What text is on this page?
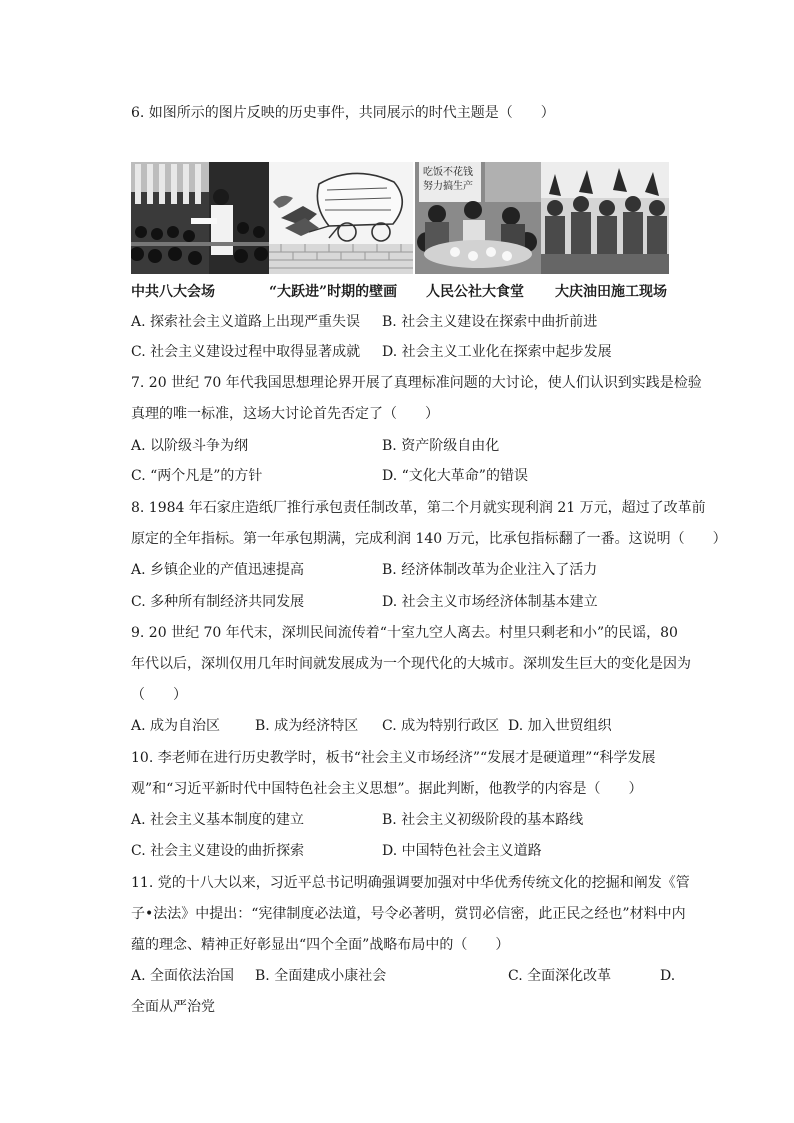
6. 如图所示的图片反映的历史事件，共同展示的时代主题是（　　）
吃饭不花钱
努力搞生产
中共八大会场	“大跃进”时期的壁画 人民公社大食堂 大庆油田施工现场
A. 探索社会主义道路上出现严重失误 B. 社会主义建设在探索中曲折前进
C. 社会主义建设过程中取得显著成就 D. 社会主义工业化在探索中起步发展
7. 20 世纪 70 年代我国思想理论界开展了真理标准问题的大讨论，使人们认识到实践是检验
真理的唯一标准，这场大讨论首先否定了（　　）
A. 以阶级斗争为纲	B. 资产阶级自由化
C. “两个凡是”的方针	D. “文化大革命”的错误
8. 1984 年石家庄造纸厂推行承包责任制改革，第二个月就实现利润 21 万元，超过了改革前
原定的全年指标。第一年承包期满，完成利润 140 万元，比承包指标翻了一番。这说明（　　）
A. 乡镇企业的产值迅速提高	B. 经济体制改革为企业注入了活力
C. 多种所有制经济共同发展	D. 社会主义市场经济体制基本建立
9. 20 世纪 70 年代末，深圳民间流传着“十室九空人离去。村里只剩老和小”的民谣，80
年代以后，深圳仅用几年时间就发展成为一个现代化的大城市。深圳发生巨大的变化是因为
（　　）
A. 成为自治区 B. 成为经济特区 C. 成为特别行政区 D. 加入世贸组织
10. 李老师在进行历史教学时，板书“社会主义市场经济”“发展才是硬道理”“科学发展
观”和“习近平新时代中国特色社会主义思想”。据此判断，他教学的内容是（　　）
A. 社会主义基本制度的建立	B. 社会主义初级阶段的基本路线
C. 社会主义建设的曲折探索	D. 中国特色社会主义道路
11. 党的十八大以来，习近平总书记明确强调要加强对中华优秀传统文化的挖掘和阐发《管
子•法法》中提出：“宪律制度必法道，号令必著明，赏罚必信密，此正民之经也”材料中内
蕴的理念、精神正好彰显出“四个全面”战略布局中的（　　）
A. 全面依法治国 B. 全面建成小康社会	C. 全面深化改革	D.
全面从严治党
